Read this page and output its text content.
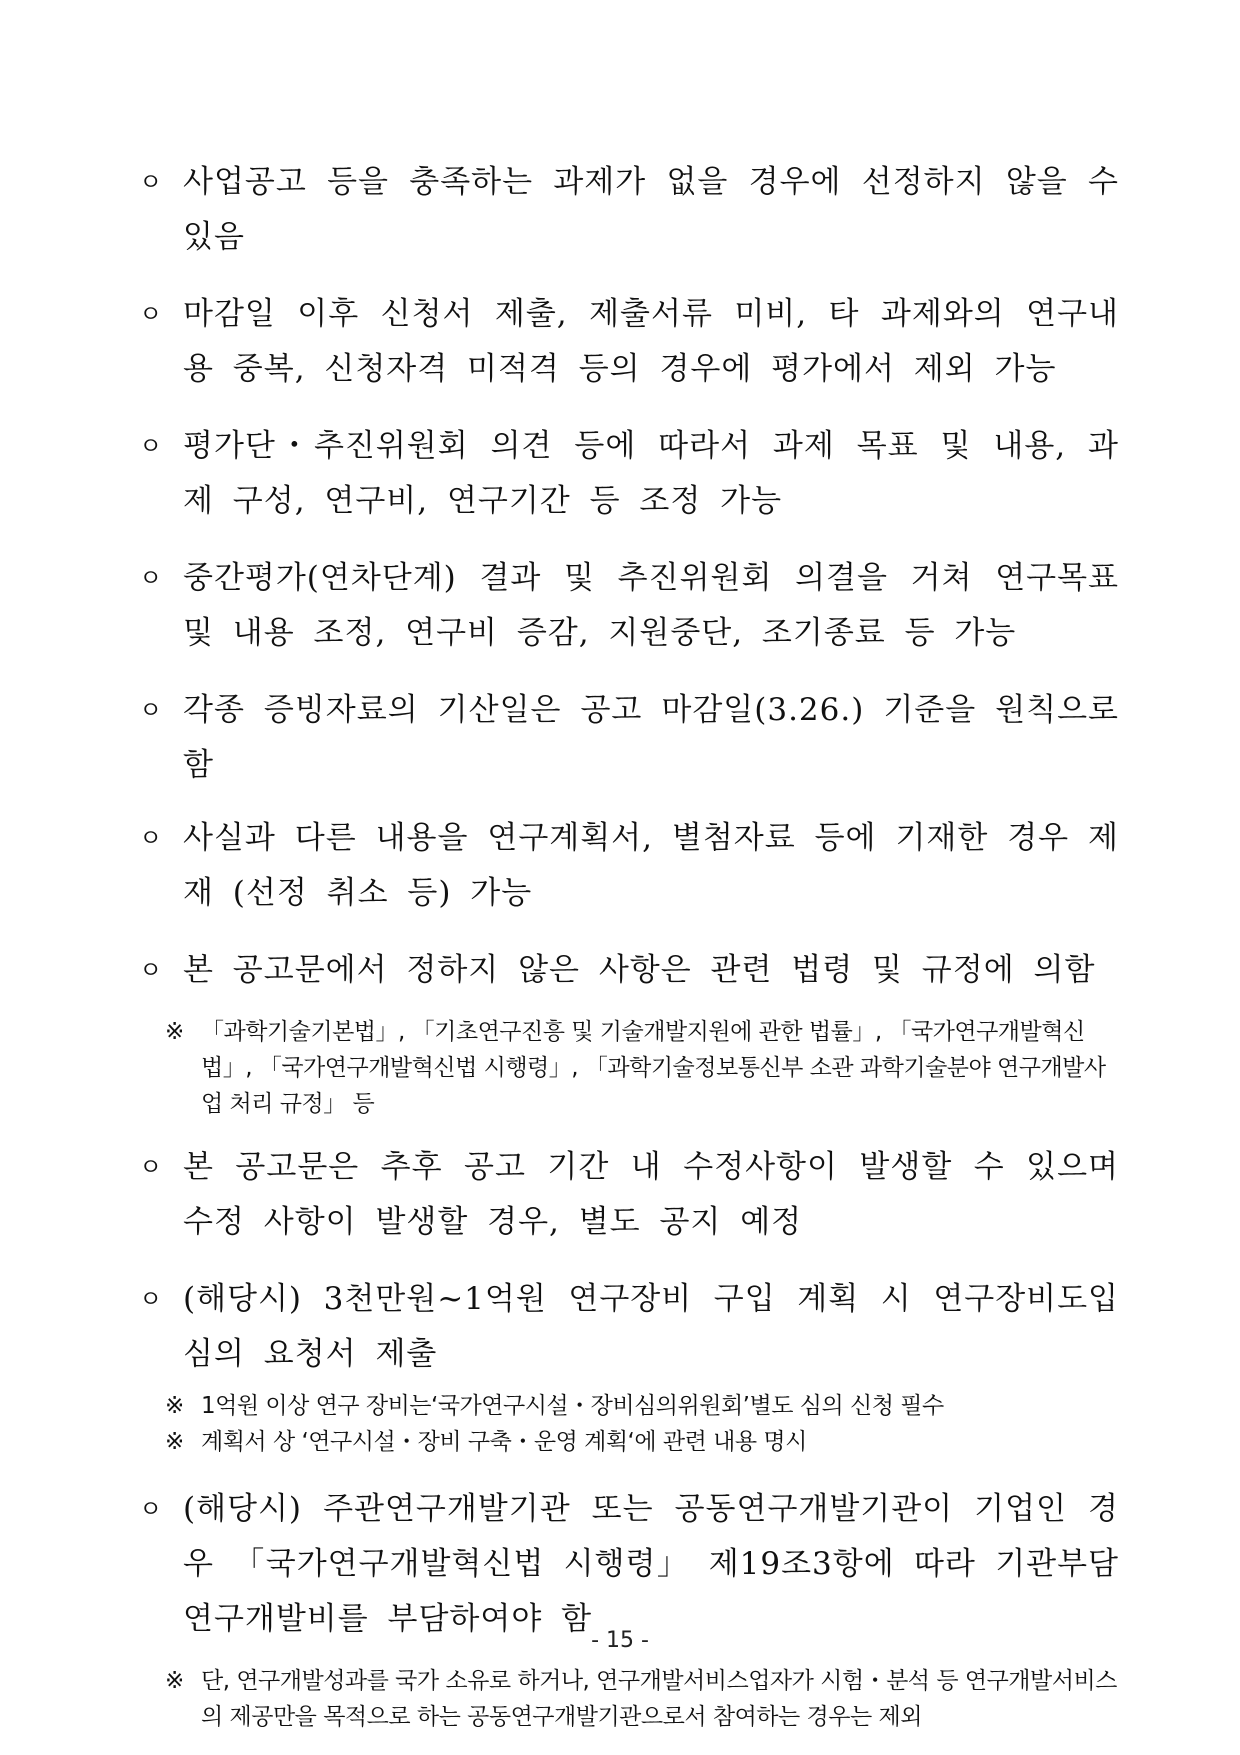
ㅇ 사업공고 등을 충족하는 과제가 없을 경우에 선정하지 않을 수 있음
ㅇ 마감일 이후 신청서 제출, 제출서류 미비, 타 과제와의 연구내용 중복, 신청자격 미적격 등의 경우에 평가에서 제외 가능
ㅇ 평가단・추진위원회 의견 등에 따라서 과제 목표 및 내용, 과제 구성, 연구비, 연구기간 등 조정 가능
ㅇ 중간평가(연차단계) 결과 및 추진위원회 의결을 거쳐 연구목표 및 내용 조정, 연구비 증감, 지원중단, 조기종료 등 가능
ㅇ 각종 증빙자료의 기산일은 공고 마감일(3.26.) 기준을 원칙으로 함
ㅇ 사실과 다른 내용을 연구계획서, 별첨자료 등에 기재한 경우 제재 (선정 취소 등) 가능
ㅇ 본 공고문에서 정하지 않은 사항은 관련 법령 및 규정에 의함
※ 「과학기술기본법」, 「기초연구진흥 및 기술개발지원에 관한 법률」, 「국가연구개발혁신법」, 「국가연구개발혁신법 시행령」, 「과학기술정보통신부 소관 과학기술분야 연구개발사업 처리 규정」 등
ㅇ 본 공고문은 추후 공고 기간 내 수정사항이 발생할 수 있으며 수정 사항이 발생할 경우, 별도 공지 예정
ㅇ (해당시) 3천만원~1억원 연구장비 구입 계획 시 연구장비도입 심의 요청서 제출
※ 1억원 이상 연구 장비는‘국가연구시설・장비심의위원회’별도 심의 신청 필수
※ 계획서 상 ‘연구시설・장비 구축・운영 계획‘에 관련 내용 명시
ㅇ (해당시) 주관연구개발기관 또는 공동연구개발기관이 기업인 경우 「국가연구개발혁신법 시행령」 제19조3항에 따라 기관부담연구개발비를 부담하여야 함
※ 단, 연구개발성과를 국가 소유로 하거나, 연구개발서비스업자가 시험・분석 등 연구개발서비스의 제공만을 목적으로 하는 공동연구개발기관으로서 참여하는 경우는 제외
- 15 -
